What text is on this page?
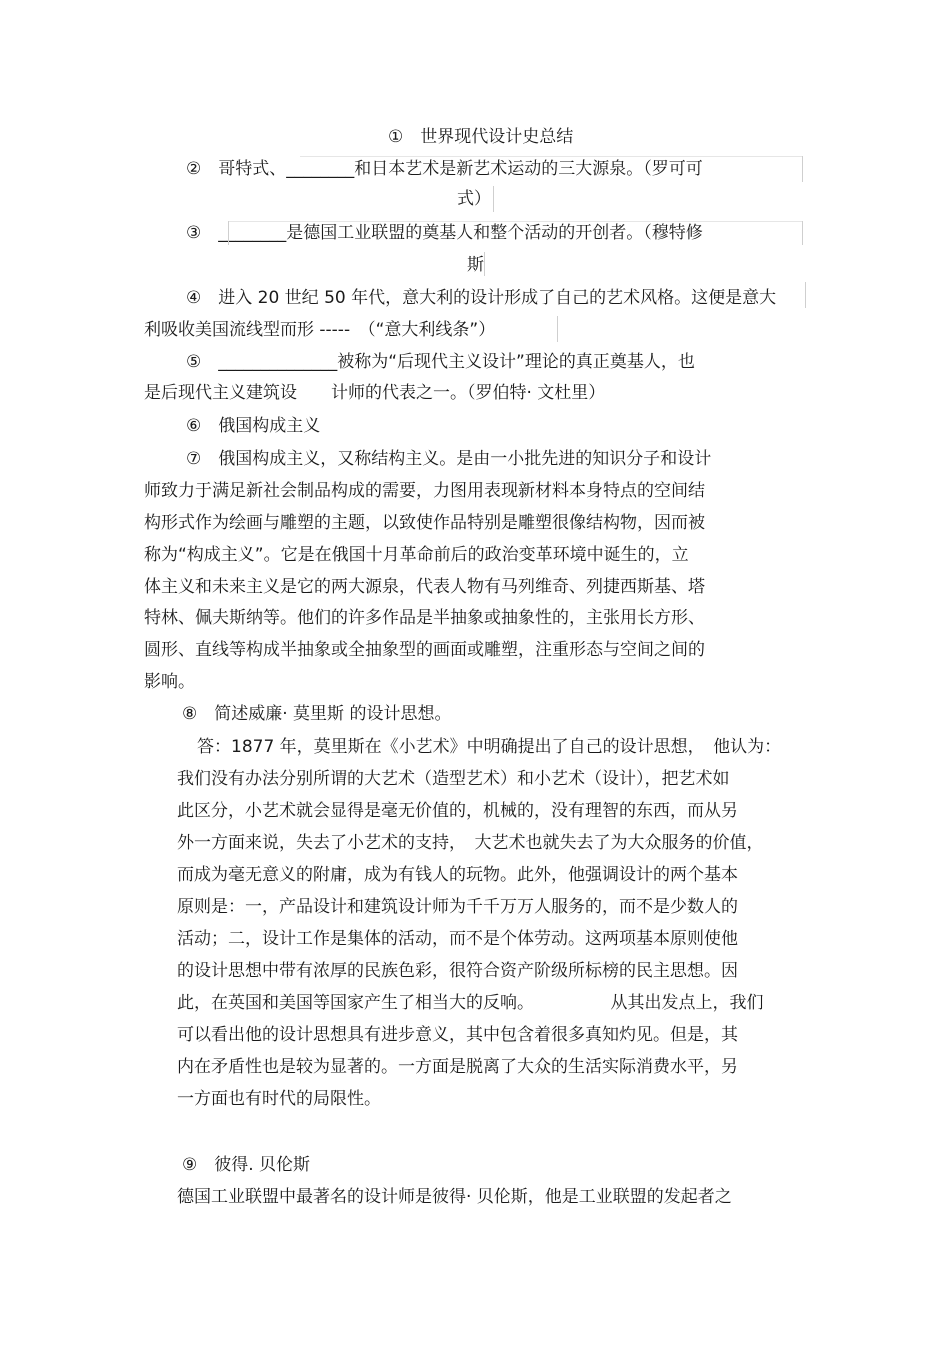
①　世界现代设计史总结
②　哥特式、________和日本艺术是新艺术运动的三大源泉。（罗可可
式）
③　________是德国工业联盟的奠基人和整个活动的开创者。（穆特修
斯
④　进入 20 世纪 50 年代，意大利的设计形成了自己的艺术风格。这便是意大
利吸收美国流线型而形 -----　（“意大利线条”）
⑤　______________被称为“后现代主义设计”理论的真正奠基人，也
是后现代主义建筑设　　计师的代表之一。（罗伯特· 文杜里）
⑥　俄国构成主义
⑦　俄国构成主义，又称结构主义。是由一小批先进的知识分子和设计
师致力于满足新社会制品构成的需要，力图用表现新材料本身特点的空间结
构形式作为绘画与雕塑的主题，以致使作品特别是雕塑很像结构物，因而被
称为“构成主义”。它是在俄国十月革命前后的政治变革环境中诞生的，立
体主义和未来主义是它的两大源泉，代表人物有马列维奇、列捷西斯基、塔
特林、佩夫斯纳等。他们的许多作品是半抽象或抽象性的，主张用长方形、
圆形、直线等构成半抽象或全抽象型的画面或雕塑，注重形态与空间之间的
影响。
⑧　简述威廉· 莫里斯 的设计思想。
答：1877 年，莫里斯在《小艺术》中明确提出了自己的设计思想，　他认为：
我们没有办法分别所谓的大艺术（造型艺术）和小艺术（设计），把艺术如
此区分，小艺术就会显得是毫无价值的，机械的，没有理智的东西，而从另
外一方面来说，失去了小艺术的支持，　大艺术也就失去了为大众服务的价值，
而成为毫无意义的附庸，成为有钱人的玩物。此外，他强调设计的两个基本
原则是：一，产品设计和建筑设计师为千千万万人服务的，而不是少数人的
活动；二，设计工作是集体的活动，而不是个体劳动。这两项基本原则使他
的设计思想中带有浓厚的民族色彩，很符合资产阶级所标榜的民主思想。因
此，在英国和美国等国家产生了相当大的反响。　　　　　从其出发点上，我们
可以看出他的设计思想具有进步意义，其中包含着很多真知灼见。但是，其
内在矛盾性也是较为显著的。一方面是脱离了大众的生活实际消费水平，另
一方面也有时代的局限性。
⑨　彼得. 贝伦斯
德国工业联盟中最著名的设计师是彼得· 贝伦斯，他是工业联盟的发起者之
